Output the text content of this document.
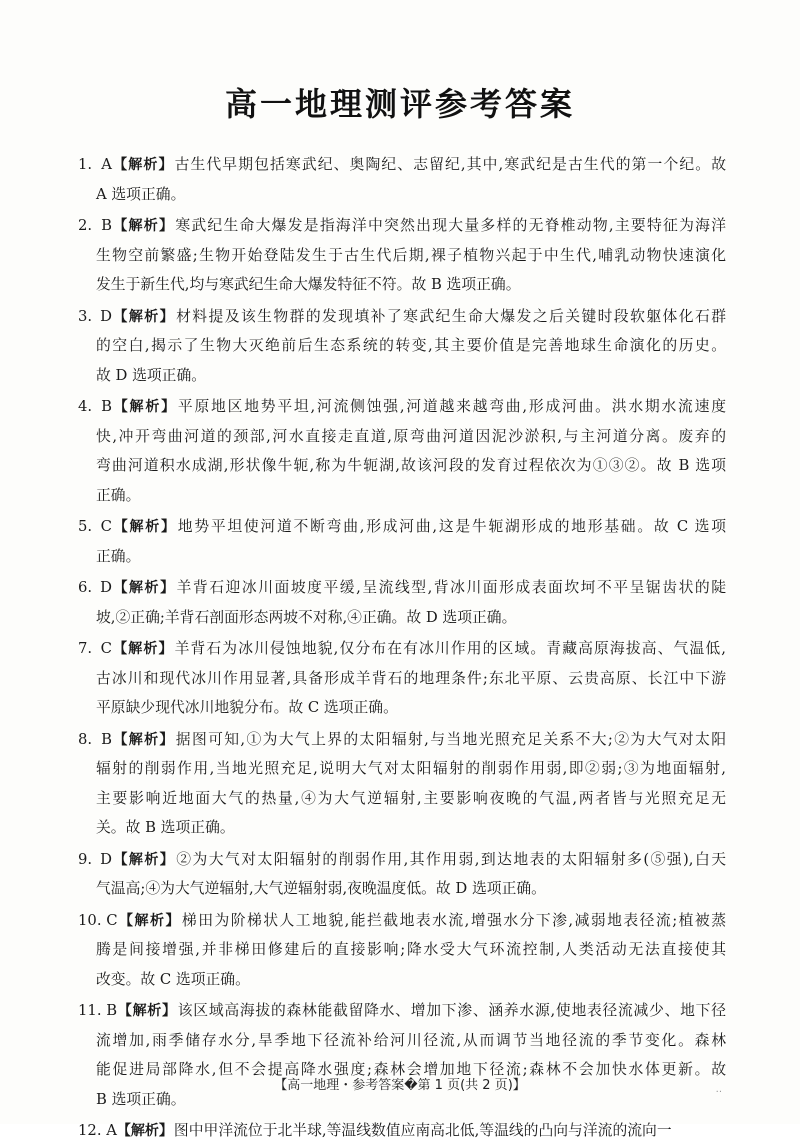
高一地理测评参考答案
1. A【解析】古生代早期包括寒武纪、奥陶纪、志留纪,其中,寒武纪是古生代的第一个纪。故
A 选项正确。
2. B【解析】寒武纪生命大爆发是指海洋中突然出现大量多样的无脊椎动物,主要特征为海洋
生物空前繁盛;生物开始登陆发生于古生代后期,裸子植物兴起于中生代,哺乳动物快速演化
发生于新生代,均与寒武纪生命大爆发特征不符。故 B 选项正确。
3. D【解析】材料提及该生物群的发现填补了寒武纪生命大爆发之后关键时段软躯体化石群
的空白,揭示了生物大灭绝前后生态系统的转变,其主要价值是完善地球生命演化的历史。
故 D 选项正确。
4. B【解析】平原地区地势平坦,河流侧蚀强,河道越来越弯曲,形成河曲。洪水期水流速度
快,冲开弯曲河道的颈部,河水直接走直道,原弯曲河道因泥沙淤积,与主河道分离。废弃的
弯曲河道积水成湖,形状像牛轭,称为牛轭湖,故该河段的发育过程依次为①③②。故 B 选项
正确。
5. C【解析】地势平坦使河道不断弯曲,形成河曲,这是牛轭湖形成的地形基础。故 C 选项
正确。
6. D【解析】羊背石迎冰川面坡度平缓,呈流线型,背冰川面形成表面坎坷不平呈锯齿状的陡
坡,②正确;羊背石剖面形态两坡不对称,④正确。故 D 选项正确。
7. C【解析】羊背石为冰川侵蚀地貌,仅分布在有冰川作用的区域。青藏高原海拔高、气温低,
古冰川和现代冰川作用显著,具备形成羊背石的地理条件;东北平原、云贵高原、长江中下游
平原缺少现代冰川地貌分布。故 C 选项正确。
8. B【解析】据图可知,①为大气上界的太阳辐射,与当地光照充足关系不大;②为大气对太阳
辐射的削弱作用,当地光照充足,说明大气对太阳辐射的削弱作用弱,即②弱;③为地面辐射,
主要影响近地面大气的热量,④为大气逆辐射,主要影响夜晚的气温,两者皆与光照充足无
关。故 B 选项正确。
9. D【解析】②为大气对太阳辐射的削弱作用,其作用弱,到达地表的太阳辐射多(⑤强),白天
气温高;④为大气逆辐射,大气逆辐射弱,夜晚温度低。故 D 选项正确。
10. C【解析】梯田为阶梯状人工地貌,能拦截地表水流,增强水分下渗,减弱地表径流;植被蒸
腾是间接增强,并非梯田修建后的直接影响;降水受大气环流控制,人类活动无法直接使其
改变。故 C 选项正确。
11. B【解析】该区域高海拔的森林能截留降水、增加下渗、涵养水源,使地表径流减少、地下径
流增加,雨季储存水分,旱季地下径流补给河川径流,从而调节当地径流的季节变化。森林
能促进局部降水,但不会提高降水强度;森林会增加地下径流;森林不会加快水体更新。故
B 选项正确。
12. A【解析】图中甲洋流位于北半球,等温线数值应南高北低,等温线的凸向与洋流的流向一
【高一地理・参考答案�第 1 页(共 2 页)】	..
